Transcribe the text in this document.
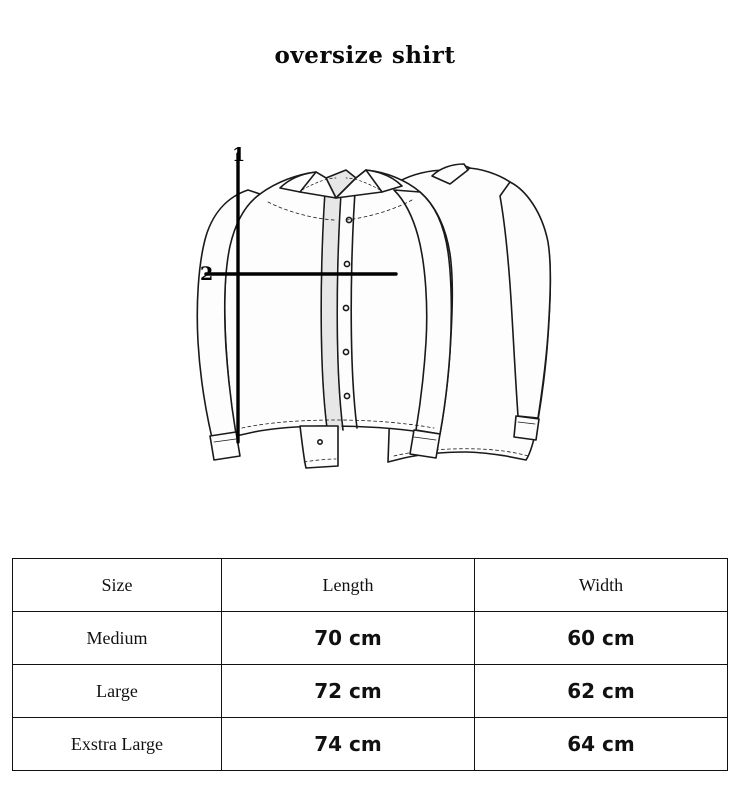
oversize shirt
1
2
Size	Length	Width
Medium	70 cm	60 cm
Large	72 cm	62 cm
Exstra Large	74 cm	64 cm
